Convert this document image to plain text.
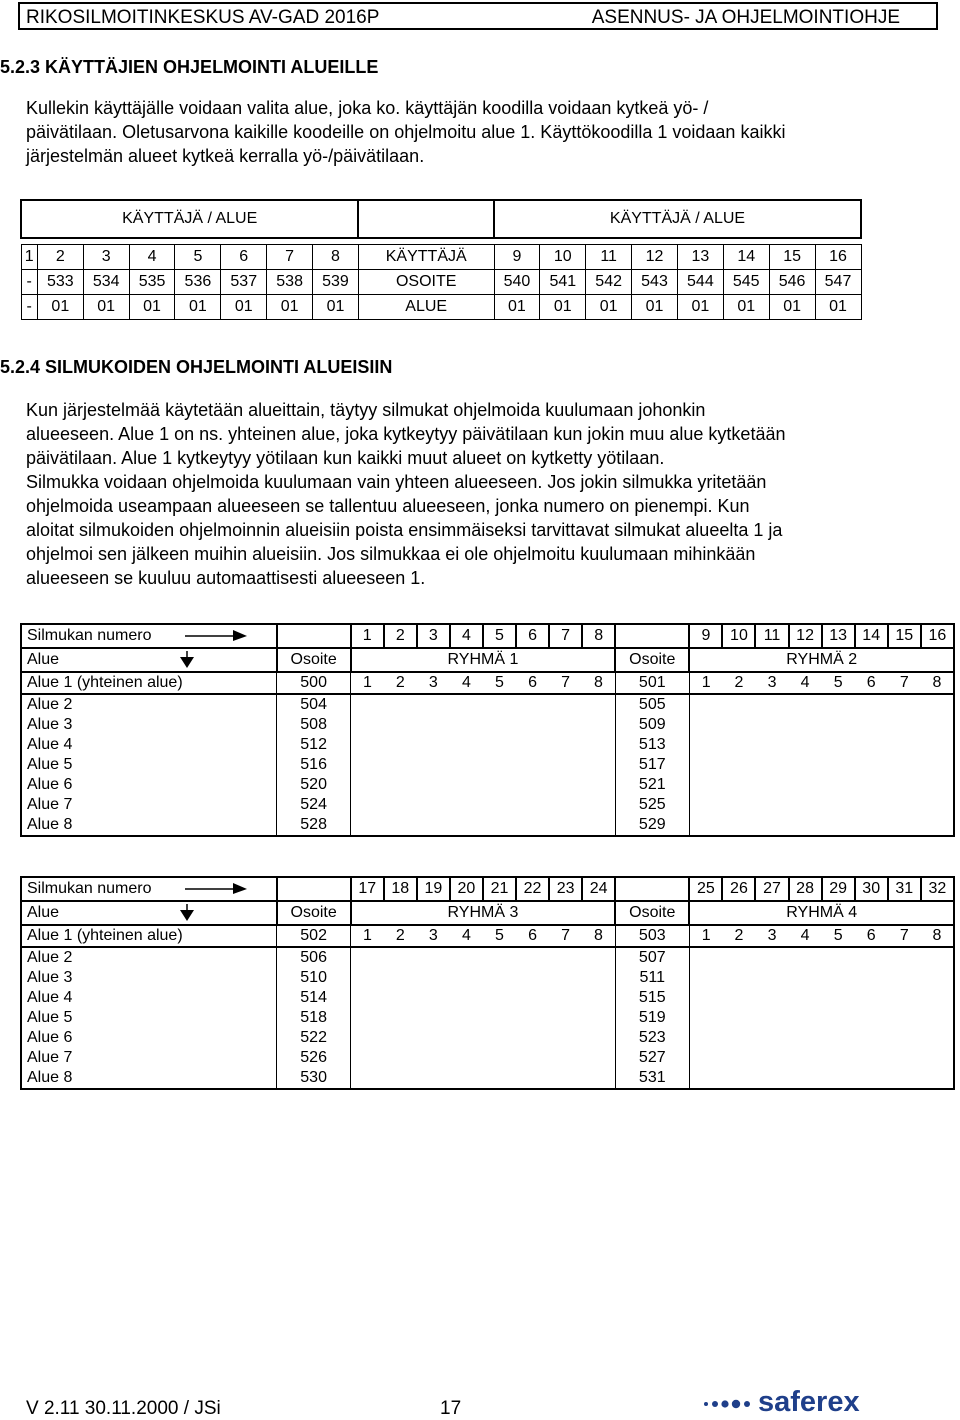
RIKOSILMOITINKESKUS AV-GAD 2016P	ASENNUS- JA OHJELMOINTIOHJE
5.2.3 KÄYTTÄJIEN OHJELMOINTI ALUEILLE
Kullekin käyttäjälle voidaan valita alue, joka ko. käyttäjän koodilla voidaan kytkeä yö- /
päivätilaan. Oletusarvona kaikille koodeille on ohjelmoitu alue 1. Käyttökoodilla 1 voidaan kaikki
järjestelmän alueet kytkeä kerralla yö-/päivätilaan.
KÄYTTÄJÄ / ALUE									KÄYTTÄJÄ / ALUE							

1	2	3	4	5	6	7	8	KÄYTTÄJÄ	9	10	11	12	13	14	15	16
-	533	534	535	536	537	538	539	OSOITE	540	541	542	543	544	545	546	547
-	01	01	01	01	01	01	01	ALUE	01	01	01	01	01	01	01	01
5.2.4 SILMUKOIDEN OHJELMOINTI ALUEISIIN
Kun järjestelmää käytetään alueittain, täytyy silmukat ohjelmoida kuulumaan johonkin
alueeseen. Alue 1 on ns. yhteinen alue, joka kytkeytyy päivätilaan kun jokin muu alue kytketään
päivätilaan. Alue 1 kytkeytyy yötilaan kun kaikki muut alueet on kytketty yötilaan.
Silmukka voidaan ohjelmoida kuulumaan vain yhteen alueeseen. Jos jokin silmukka yritetään
ohjelmoida useampaan alueeseen se tallentuu alueeseen, jonka numero on pienempi. Kun
aloitat silmukoiden ohjelmoinnin alueisiin poista ensimmäiseksi tarvittavat silmukat alueelta 1 ja
ohjelmoi sen jälkeen muihin alueisiin. Jos silmukkaa ei ole ohjelmoitu kuulumaan mihinkään
alueeseen se kuuluu automaattisesti alueeseen 1.
Silmukan numero		1	2	3	4	5	6	7	8		9	10	11	12	13	14	15	16
Alue	Osoite	RYHMÄ 1								Osoite	RYHMÄ 2							
Alue 1 (yhteinen alue)	500	1	2	3	4	5	6	7	8	501	1	2	3	4	5	6	7	8
Alue 2	504									505								
Alue 3	508									509								
Alue 4	512									513								
Alue 5	516									517								
Alue 6	520									521								
Alue 7	524									525								
Alue 8	528									529								
Silmukan numero		17	18	19	20	21	22	23	24		25	26	27	28	29	30	31	32
Alue	Osoite	RYHMÄ 3								Osoite	RYHMÄ 4							
Alue 1 (yhteinen alue)	502	1	2	3	4	5	6	7	8	503	1	2	3	4	5	6	7	8
Alue 2	506									507								
Alue 3	510									511								
Alue 4	514									515								
Alue 5	518									519								
Alue 6	522									523								
Alue 7	526									527								
Alue 8	530									531								
V 2.11 30.11.2000 / JSi	17	saferex
